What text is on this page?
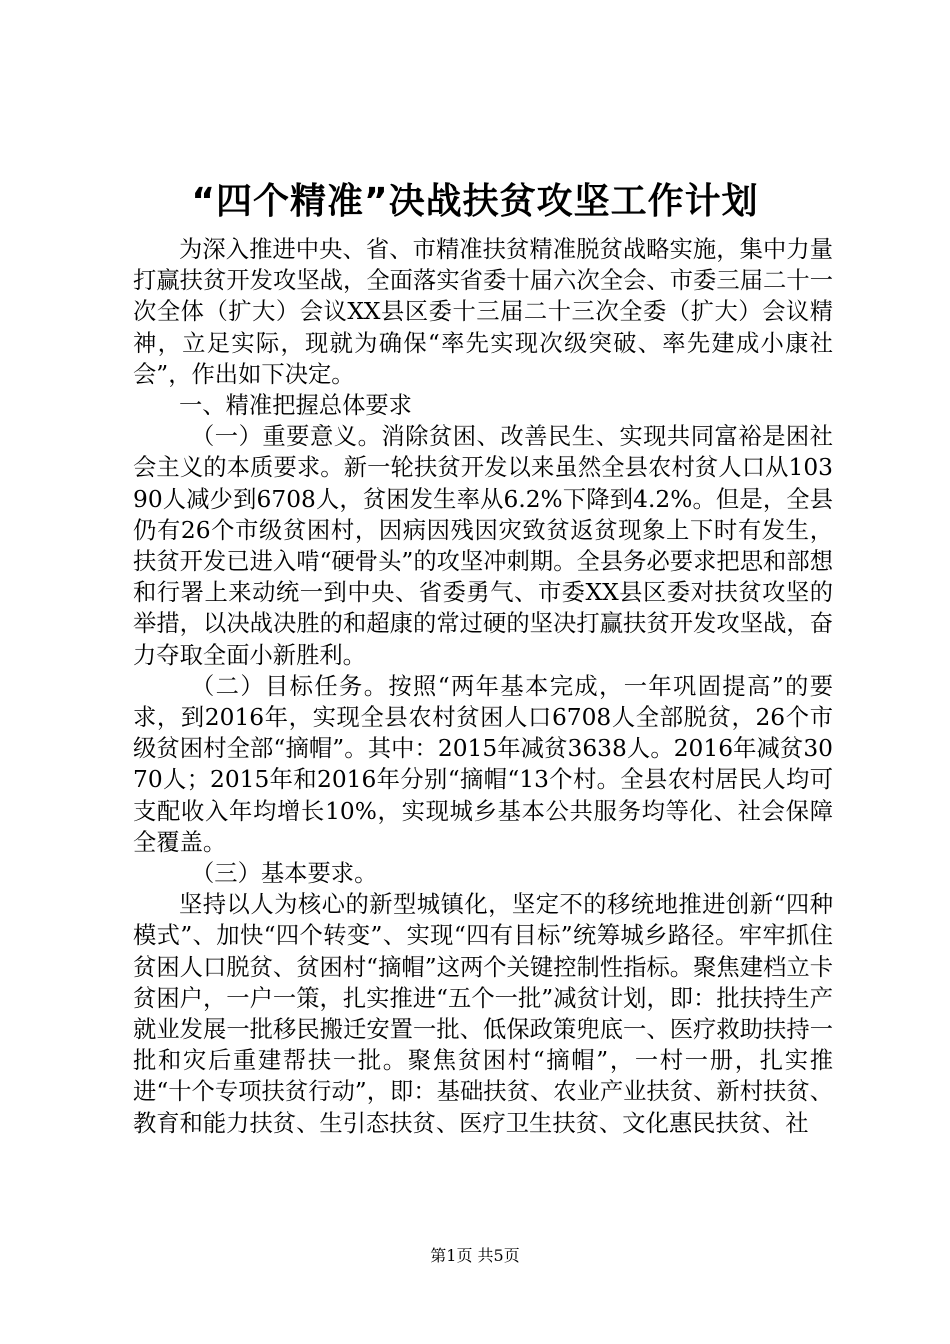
“四个精准”决战扶贫攻坚工作计划

为深入推进中央、省、市精准扶贫精准脱贫战略实施，集中力量打赢扶贫开发攻坚战，全面落实省委十届六次全会、市委三届二十一次全体（扩大）会议XX县区委十三届二十三次全委（扩大）会议精神，立足实际，现就为确保“率先实现次级突破、率先建成小康社会”，作出如下决定。

一、精准把握总体要求

（一）重要意义。消除贫困、改善民生、实现共同富裕是困社会主义的本质要求。新一轮扶贫开发以来虽然全县农村贫人口从10390人减少到6708人，贫困发生率从6.2%下降到4.2%。但是，全县仍有26个市级贫困村，因病因残因灾致贫返贫现象上下时有发生，扶贫开发已进入啃“硬骨头”的攻坚冲刺期。全县务必要求把思和部想和行署上来动统一到中央、省委勇气、市委XX县区委对扶贫攻坚的举措，以决战决胜的和超康的常过硬的坚决打赢扶贫开发攻坚战，奋力夺取全面小新胜利。

（二）目标任务。按照“两年基本完成，一年巩固提高”的要求，到2016年，实现全县农村贫困人口6708人全部脱贫，26个市级贫困村全部“摘帽”。其中：2015年减贫3638人。2016年减贫3070人；2015年和2016年分别“摘帽“13个村。全县农村居民人均可支配收入年均增长10%，实现城乡基本公共服务均等化、社会保障全覆盖。

（三）基本要求。

坚持以人为核心的新型城镇化，坚定不的移统地推进创新“四种模式”、加快“四个转变”、实现“四有目标”统筹城乡路径。牢牢抓住贫困人口脱贫、贫困村“摘帽”这两个关键控制性指标。聚焦建档立卡贫困户，一户一策，扎实推进“五个一批”减贫计划，即：批扶持生产就业发展一批移民搬迁安置一批、低保政策兜底一、医疗救助扶持一批和灾后重建帮扶一批。聚焦贫困村“摘帽”，一村一册，扎实推进“十个专项扶贫行动”，即：基础扶贫、农业产业扶贫、新村扶贫、教育和能力扶贫、生引态扶贫、医疗卫生扶贫、文化惠民扶贫、社

第1页 共5页
